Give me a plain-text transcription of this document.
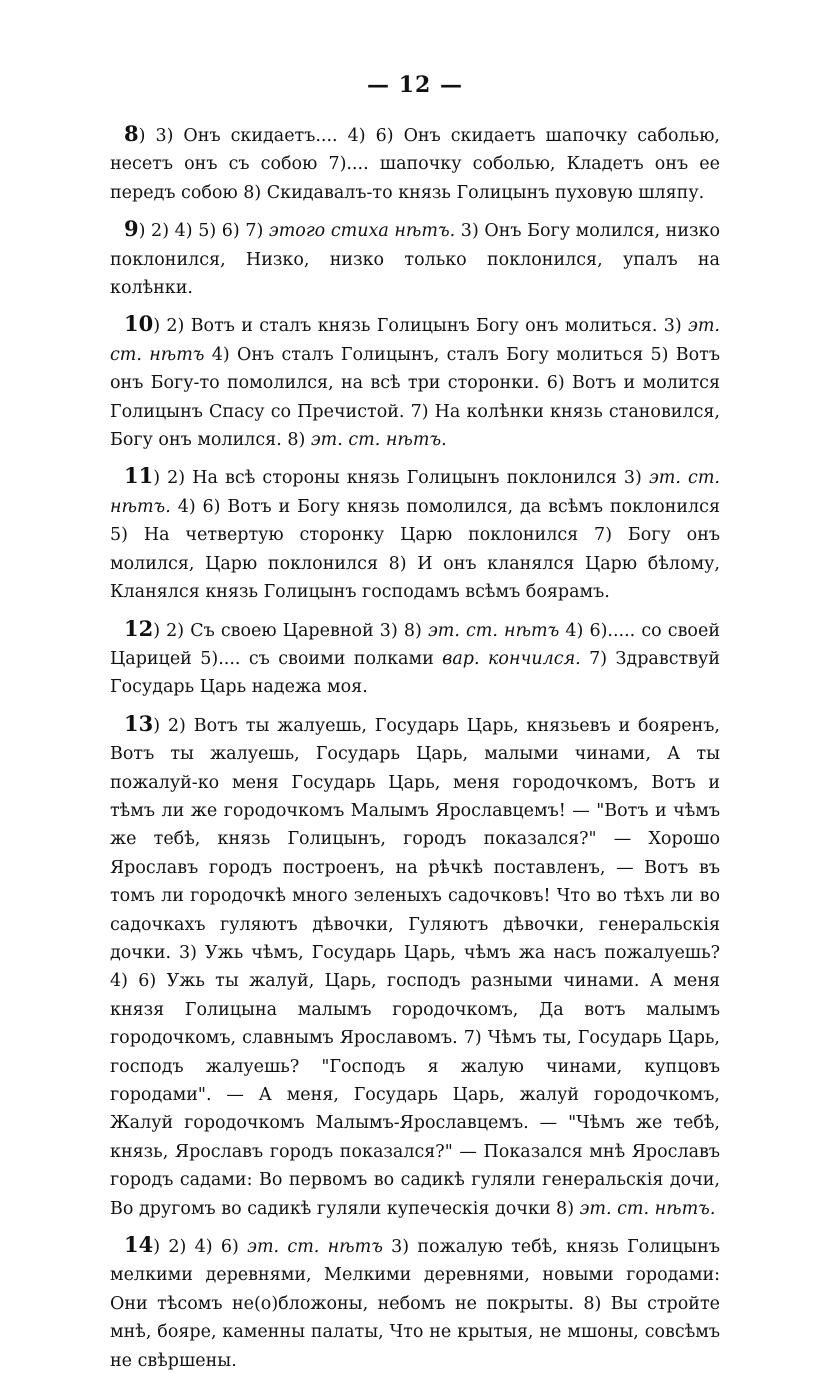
— 12 —

8) 3) Онъ скидаетъ.... 4) 6) Онъ скидаетъ шапочку саболью, несетъ онъ съ собою 7).... шапочку соболью, Кладетъ онъ ее передъ собою 8) Скидавалъ-то князь Голицынъ пуховую шляпу.

9) 2) 4) 5) 6) 7) этого стиха нѣтъ. 3) Онъ Богу молился, низко поклонился, Низко, низко только поклонился, упалъ на колѣнки.

10) 2) Вотъ и сталъ князь Голицынъ Богу онъ молиться. 3) эт. ст. нѣтъ 4) Онъ сталъ Голицынъ, сталъ Богу молиться 5) Вотъ онъ Богу-то помолился, на всѣ три сторонки. 6) Вотъ и молится Голицынъ Спасу со Пречистой. 7) На колѣнки князь становился, Богу онъ молился. 8) эт. ст. нѣтъ.

11) 2) На всѣ стороны князь Голицынъ поклонился 3) эт. ст. нѣтъ. 4) 6) Вотъ и Богу князь помолился, да всѣмъ поклонился 5) На четвертую сторонку Царю поклонился 7) Богу онъ молился, Царю поклонился 8) И онъ кланялся Царю бѣлому, Кланялся князь Голицынъ господамъ всѣмъ боярамъ.

12) 2) Съ своею Царевной 3) 8) эт. ст. нѣтъ 4) 6)..... со своей Царицей 5).... съ своими полками вар. кончился. 7) Здравствуй Государь Царь надежа моя.

13) 2) Вотъ ты жалуешь, Государь Царь, князьевъ и бояренъ, Вотъ ты жалуешь, Государь Царь, малыми чинами, А ты пожалуй-ко меня Государь Царь, меня городочкомъ, Вотъ и тѣмъ ли же городочкомъ Малымъ Ярославцемъ! — "Вотъ и чѣмъ же тебѣ, князь Голицынъ, городъ показался?" — Хорошо Ярославъ городъ построенъ, на рѣчкѣ поставленъ, — Вотъ въ томъ ли городочкѣ много зеленыхъ садочковъ! Что во тѣхъ ли во садочкахъ гуляютъ дѣвочки, Гуляютъ дѣвочки, генеральскія дочки. 3) Ужь чѣмъ, Государь Царь, чѣмъ жа насъ пожалуешь? 4) 6) Ужь ты жалуй, Царь, господъ разными чинами. А меня князя Голицына малымъ городочкомъ, Да вотъ малымъ городочкомъ, славнымъ Ярославомъ. 7) Чѣмъ ты, Государь Царь, господъ жалуешь? "Господъ я жалую чинами, купцовъ городами". — А меня, Государь Царь, жалуй городочкомъ, Жалуй городочкомъ Малымъ-Ярославцемъ. — "Чѣмъ же тебѣ, князь, Ярославъ городъ показался?" — Показался мнѣ Ярославъ городъ садами: Во первомъ во садикѣ гуляли генеральскія дочи, Во другомъ во садикѣ гуляли купеческія дочки 8) эт. ст. нѣтъ.

14) 2) 4) 6) эт. ст. нѣтъ 3) пожалую тебѣ, князь Голицынъ мелкими деревнями, Мелкими деревнями, новыми городами: Они тѣсомъ не(о)бложоны, небомъ не покрыты. 8) Вы стройте мнѣ, бояре, каменны палаты, Что не крытыя, не мшоны, совсѣмъ не свѣршены.
